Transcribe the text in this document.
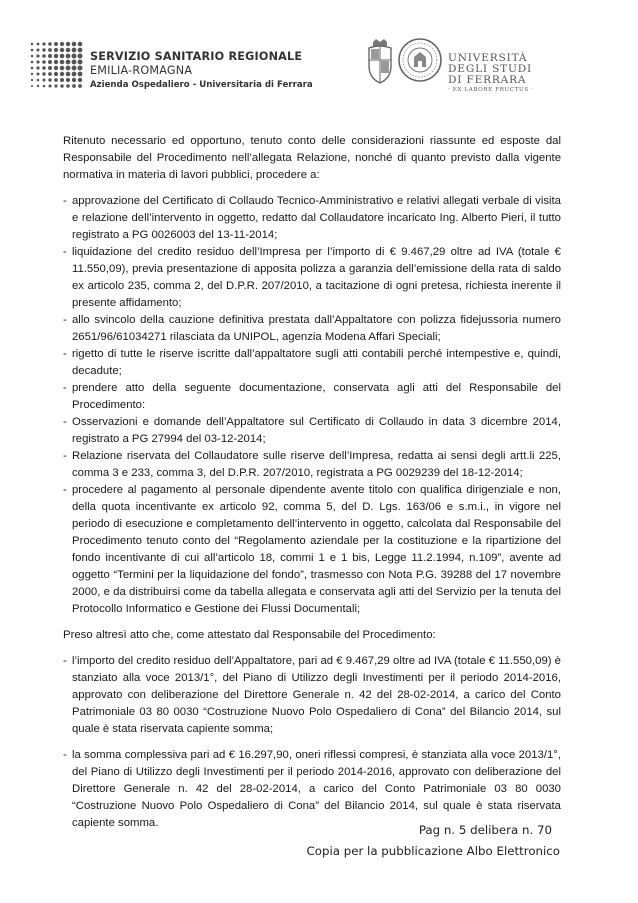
SERVIZIO SANITARIO REGIONALE
EMILIA-ROMAGNA
Azienda Ospedaliero - Universitaria di Ferrara
UNIVERSITÀ
DEGLI STUDI
DI FERRARA
· EX LABORE FRUCTUS ·

Ritenuto necessario ed opportuno, tenuto conto delle considerazioni riassunte ed esposte dal Responsabile del Procedimento nell’allegata Relazione, nonché di quanto previsto dalla vigente normativa in materia di lavori pubblici, procedere a:

- approvazione del Certificato di Collaudo Tecnico-Amministrativo e relativi allegati verbale di visita e relazione dell’intervento in oggetto, redatto dal Collaudatore incaricato Ing. Alberto Pieri, il tutto registrato a PG 0026003 del 13-11-2014;
- liquidazione del credito residuo dell’Impresa per l’importo di € 9.467,29 oltre ad IVA (totale € 11.550,09), previa presentazione di apposita polizza a garanzia dell’emissione della rata di saldo ex articolo 235, comma 2, del D.P.R. 207/2010, a tacitazione di ogni pretesa, richiesta inerente il presente affidamento;
- allo svincolo della cauzione definitiva prestata dall’Appaltatore con polizza fidejussoria numero 2651/96/61034271 rilasciata da UNIPOL, agenzia Modena Affari Speciali;
- rigetto di tutte le riserve iscritte dall’appaltatore sugli atti contabili perché intempestive e, quindi, decadute;
- prendere atto della seguente documentazione, conservata agli atti del Responsabile del Procedimento:
- Osservazioni e domande dell’Appaltatore sul Certificato di Collaudo in data 3 dicembre 2014, registrato a PG 27994 del 03-12-2014;
- Relazione riservata del Collaudatore sulle riserve dell’Impresa, redatta ai sensi degli artt.li 225, comma 3 e 233, comma 3, del D.P.R. 207/2010, registrata a PG 0029239 del 18-12-2014;
- procedere al pagamento al personale dipendente avente titolo con qualifica dirigenziale e non, della quota incentivante ex articolo 92, comma 5, del D. Lgs. 163/06 e s.m.i., in vigore nel periodo di esecuzione e completamento dell’intervento in oggetto, calcolata dal Responsabile del Procedimento tenuto conto del “Regolamento aziendale per la costituzione e la ripartizione del fondo incentivante di cui all’articolo 18, commi 1 e 1 bis, Legge 11.2.1994, n.109”, avente ad oggetto “Termini per la liquidazione del fondo”, trasmesso con Nota P.G. 39288 del 17 novembre 2000, e da distribuirsi come da tabella allegata e conservata agli atti del Servizio per la tenuta del Protocollo Informatico e Gestione dei Flussi Documentali;

Preso altresì atto che, come attestato dal Responsabile del Procedimento:

- l’importo del credito residuo dell’Appaltatore, pari ad € 9.467,29 oltre ad IVA (totale € 11.550,09) è stanziato alla voce 2013/1°, del Piano di Utilizzo degli Investimenti per il periodo 2014-2016, approvato con deliberazione del Direttore Generale n. 42 del 28-02-2014, a carico del Conto Patrimoniale 03 80 0030 “Costruzione Nuovo Polo Ospedaliero di Cona” del Bilancio 2014, sul quale è stata riservata capiente somma;
- la somma complessiva pari ad € 16.297,90, oneri riflessi compresi, è stanziata alla voce 2013/1°, del Piano di Utilizzo degli Investimenti per il periodo 2014-2016, approvato con deliberazione del Direttore Generale n. 42 del 28-02-2014, a carico del Conto Patrimoniale 03 80 0030 “Costruzione Nuovo Polo Ospedaliero di Cona” del Bilancio 2014, sul quale è stata riservata capiente somma.	Pag n. 5 delibera n. 70
Copia per la pubblicazione Albo Elettronico
